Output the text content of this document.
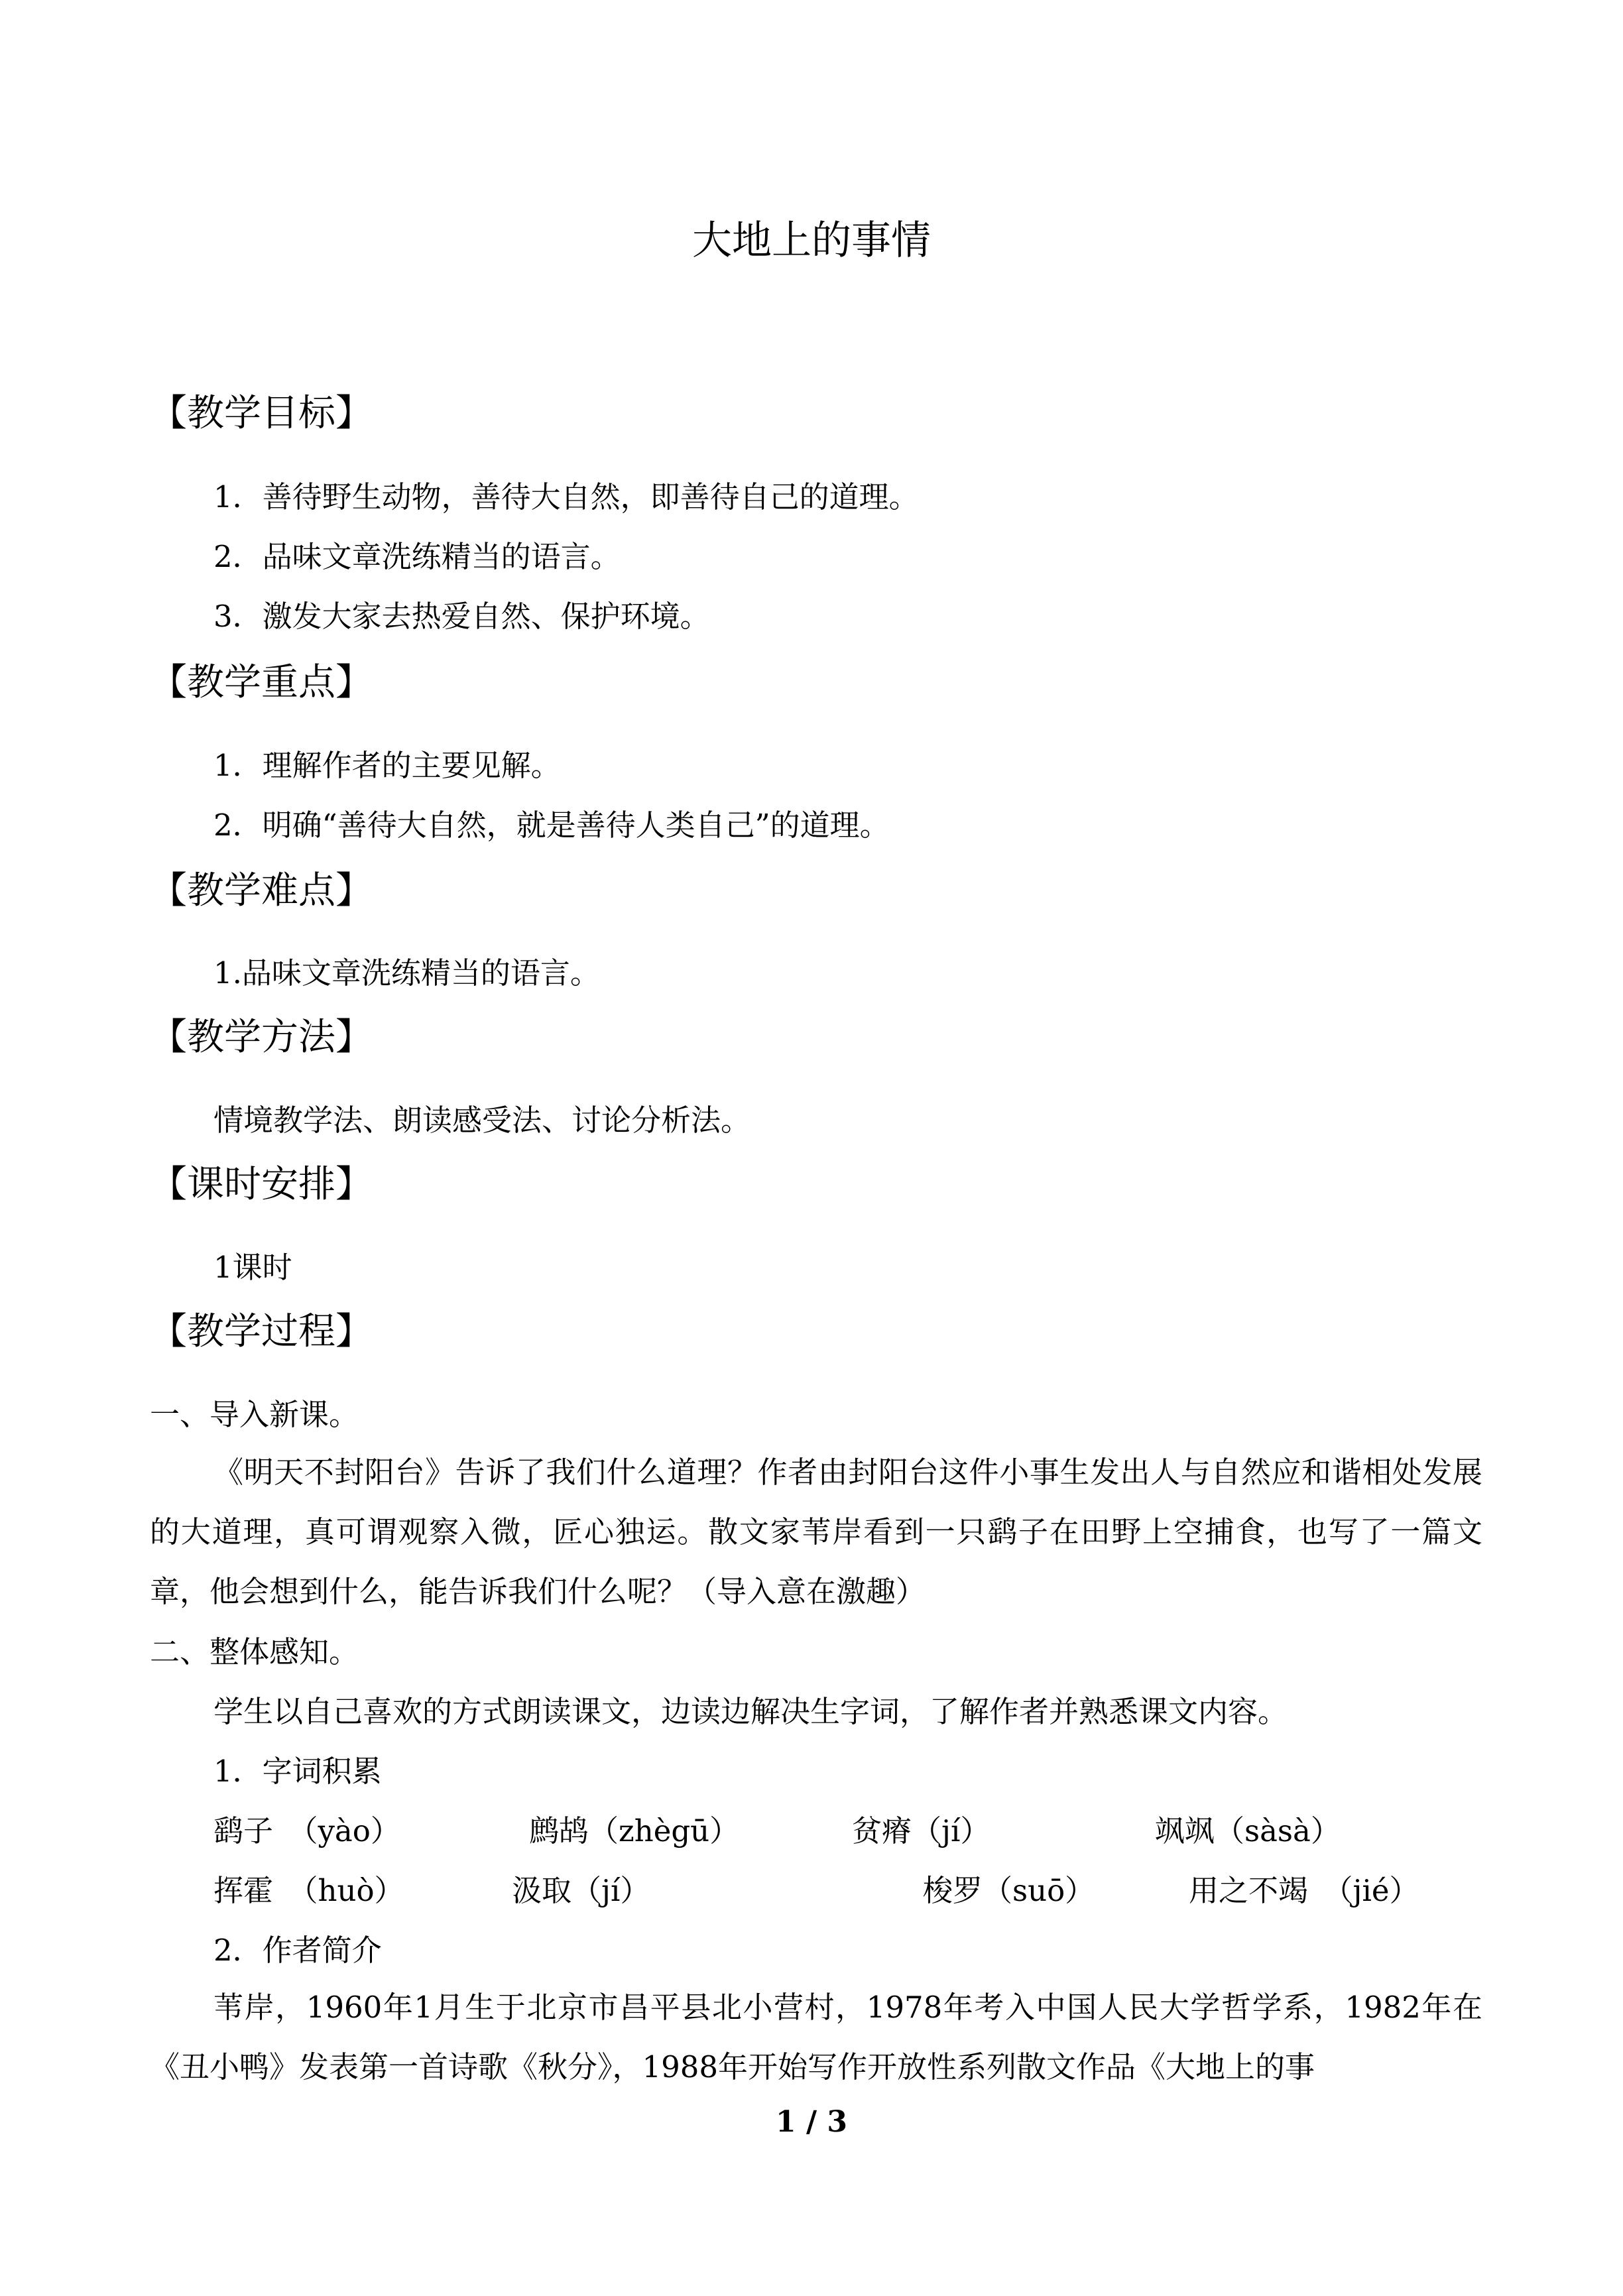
大地上的事情
【教学目标】
1．善待野生动物，善待大自然，即善待自己的道理。
2．品味文章洗练精当的语言。
3．激发大家去热爱自然、保护环境。
【教学重点】
1．理解作者的主要见解。
2．明确“善待大自然，就是善待人类自己”的道理。
【教学难点】
1.品味文章洗练精当的语言。
【教学方法】
情境教学法、朗读感受法、讨论分析法。
【课时安排】
1课时
【教学过程】
一、导入新课。
《明天不封阳台》告诉了我们什么道理？作者由封阳台这件小事生发出人与自然应和谐相处发展的大道理，真可谓观察入微，匠心独运。散文家苇岸看到一只鹞子在田野上空捕食，也写了一篇文章，他会想到什么，能告诉我们什么呢？（导入意在激趣）
二、整体感知。
学生以自己喜欢的方式朗读课文，边读边解决生字词，了解作者并熟悉课文内容。
1．字词积累
鹞子　（yào）	鹧鸪（zhègū）	贫瘠（jí）	飒飒（sàsà）
挥霍　（huò）	汲取（jí）	梭罗（suō）	用之不竭　（jié）
2．作者简介
苇岸，1960年1月生于北京市昌平县北小营村，1978年考入中国人民大学哲学系，1982年在《丑小鸭》发表第一首诗歌《秋分》，1988年开始写作开放性系列散文作品《大地上的事
1 / 3
